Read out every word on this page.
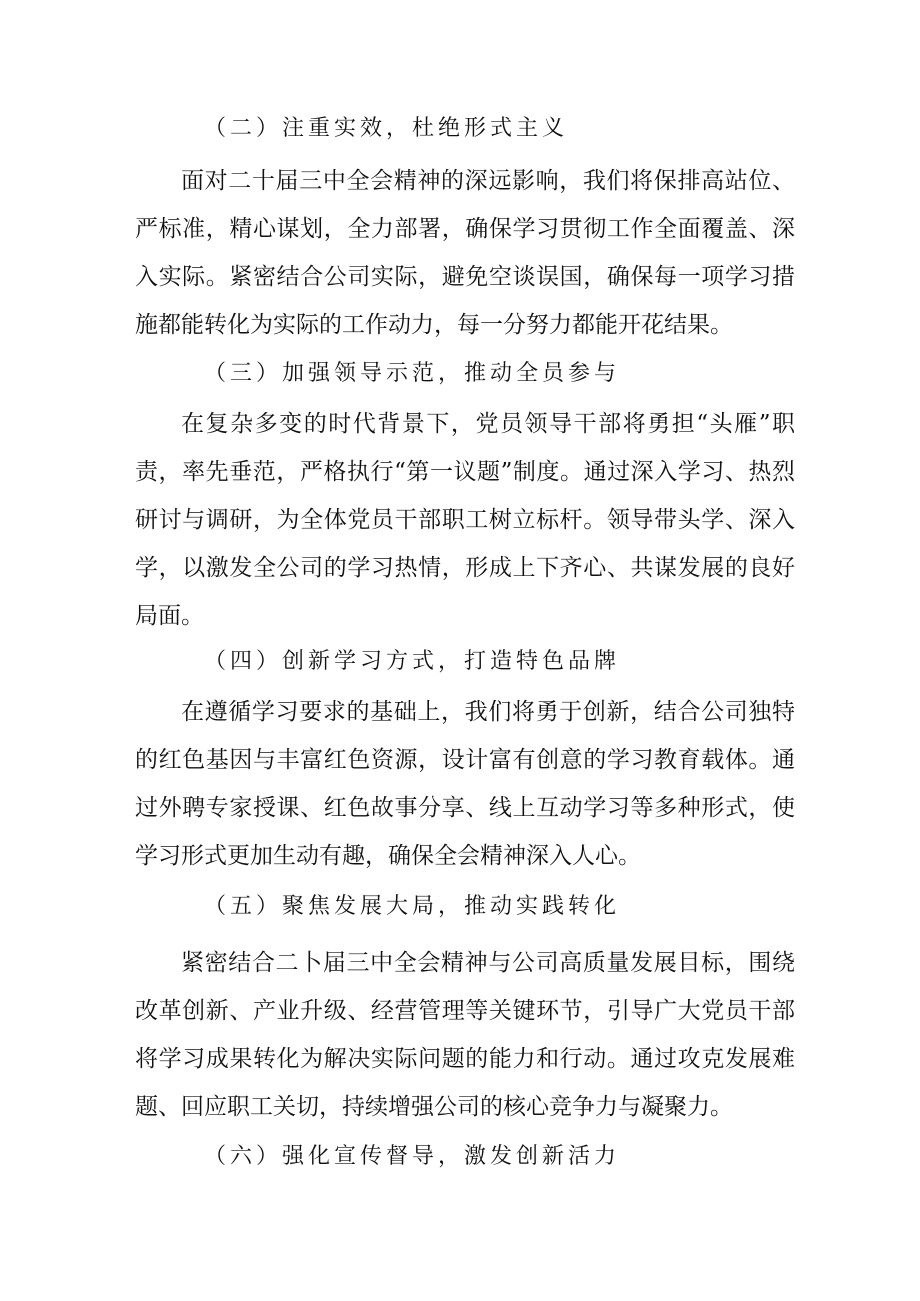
（二）注重实效，杜绝形式主义

面对二十届三中全会精神的深远影响，我们将保排高站位、严标准，精心谋划，全力部署，确保学习贯彻工作全面覆盖、深入实际。紧密结合公司实际，避免空谈误国，确保每一项学习措施都能转化为实际的工作动力，每一分努力都能开花结果。

（三）加强领导示范，推动全员参与

在复杂多变的时代背景下，党员领导干部将勇担“头雁”职责，率先垂范，严格执行“第一议题”制度。通过深入学习、热烈研讨与调研，为全体党员干部职工树立标杆。领导带头学、深入学，以激发全公司的学习热情，形成上下齐心、共谋发展的良好局面。

（四）创新学习方式，打造特色品牌

在遵循学习要求的基础上，我们将勇于创新，结合公司独特的红色基因与丰富红色资源，设计富有创意的学习教育载体。通过外聘专家授课、红色故事分享、线上互动学习等多种形式，使学习形式更加生动有趣，确保全会精神深入人心。

（五）聚焦发展大局，推动实践转化

紧密结合二卜届三中全会精神与公司高质量发展目标，围绕改革创新、产业升级、经营管理等关键环节，引导广大党员干部将学习成果转化为解决实际问题的能力和行动。通过攻克发展难题、回应职工关切，持续增强公司的核心竞争力与凝聚力。

（六）强化宣传督导，激发创新活力
